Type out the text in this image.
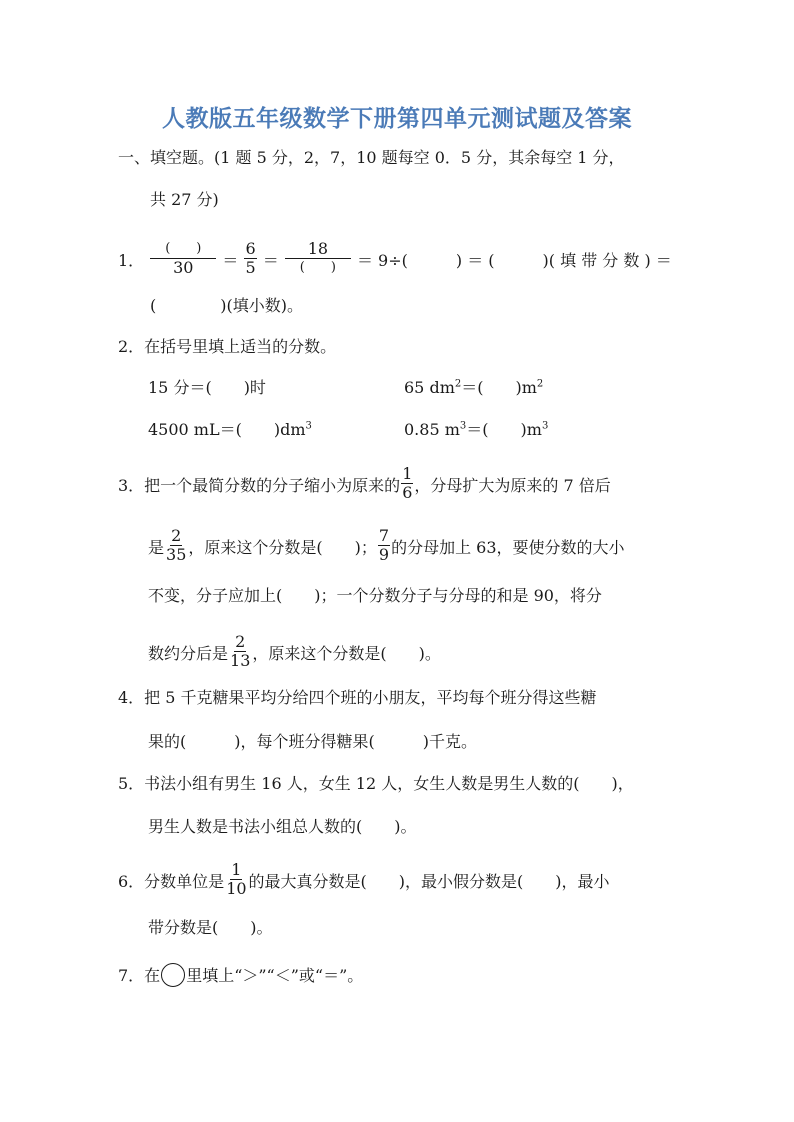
人教版五年级数学下册第四单元测试题及答案
一、填空题。(1 题 5 分，2，7，10 题每空 0．5 分，其余每空 1 分，
共 27 分)
1． $\frac{( )}{30} = \frac{6}{5} = \frac{18}{( )} = 9\div$(　　　) ＝ (　　　)( 填 带 分 数 ) ＝
(　　　　)(填小数)。
2．在括号里填上适当的分数。
15 分＝(　　)时	65 $dm^2=$(　　)$m^2$
4500 mL＝(　　)$dm^3$	0.85 $m^3=$(　　)$m^3$
3．把一个最简分数的分子缩小为原来的 $\frac{1}{6}$ ，分母扩大为原来的 7 倍后
是 $\frac{2}{35}$ ，原来这个分数是(　　)； $\frac{7}{9}$ 的分母加上 63，要使分数的大小
不变，分子应加上(　　)；一个分数分子与分母的和是 90，将分
数约分后是 $\frac{2}{13}$ ，原来这个分数是(　　)。
4．把 5 千克糖果平均分给四个班的小朋友，平均每个班分得这些糖
果的(　　　)，每个班分得糖果(　　　)千克。
5．书法小组有男生 16 人，女生 12 人，女生人数是男生人数的(　　)，
男生人数是书法小组总人数的(　　)。
6．分数单位是 $\frac{1}{10}$ 的最大真分数是(　　)，最小假分数是(　　)，最小
带分数是(　　)。
7．在 里填上“＞”“＜”或“＝”。
